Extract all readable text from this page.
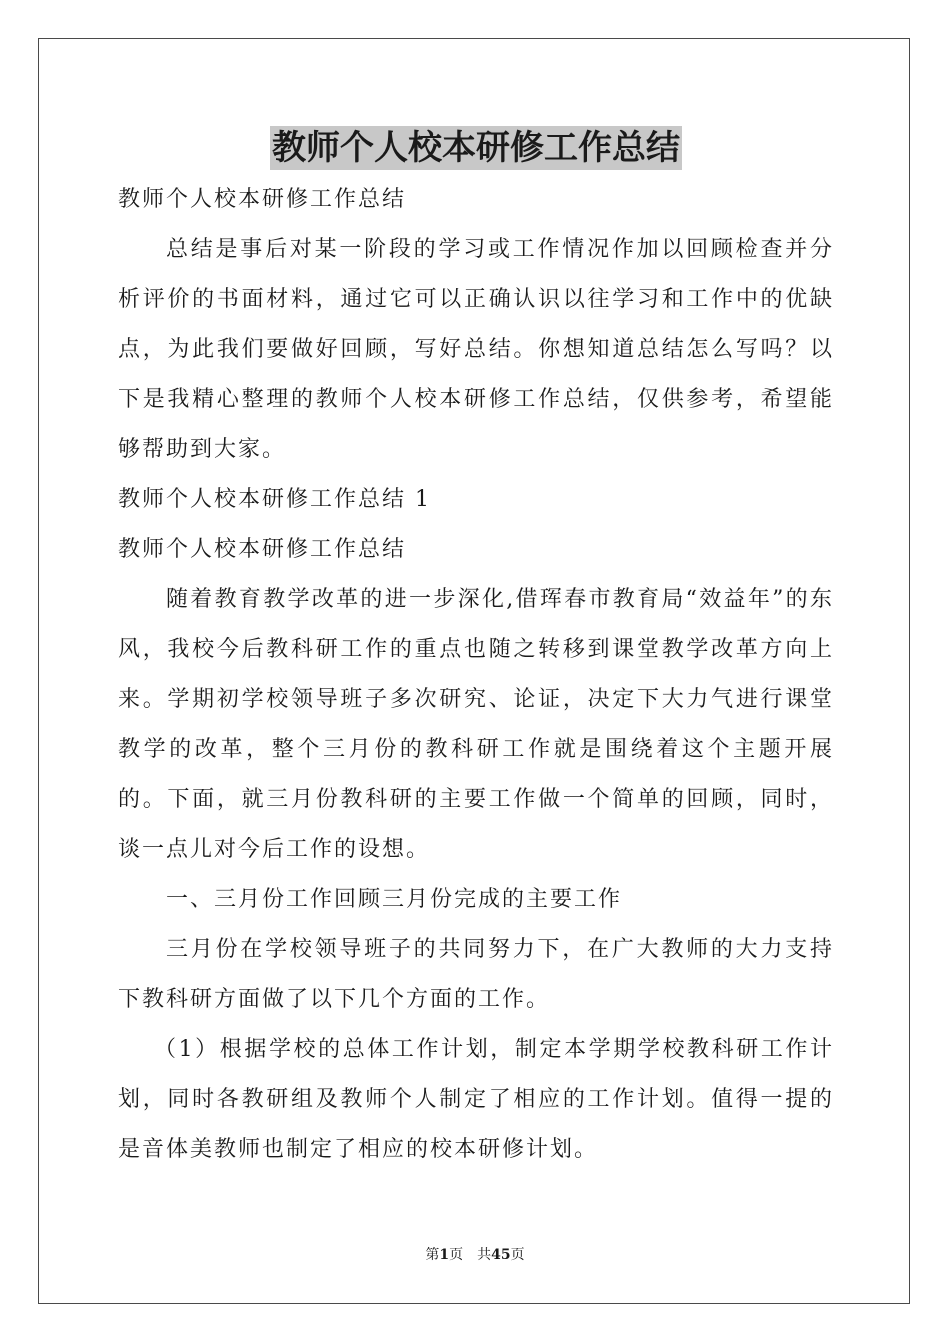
教师个人校本研修工作总结

教师个人校本研修工作总结

总结是事后对某一阶段的学习或工作情况作加以回顾检查并分析评价的书面材料，通过它可以正确认识以往学习和工作中的优缺点，为此我们要做好回顾，写好总结。你想知道总结怎么写吗？以下是我精心整理的教师个人校本研修工作总结，仅供参考，希望能够帮助到大家。

教师个人校本研修工作总结 1

教师个人校本研修工作总结

随着教育教学改革的进一步深化,借珲春市教育局“效益年”的东风，我校今后教科研工作的重点也随之转移到课堂教学改革方向上来。学期初学校领导班子多次研究、论证，决定下大力气进行课堂教学的改革，整个三月份的教科研工作就是围绕着这个主题开展的。下面，就三月份教科研的主要工作做一个简单的回顾，同时，谈一点儿对今后工作的设想。

一、三月份工作回顾三月份完成的主要工作

三月份在学校领导班子的共同努力下，在广大教师的大力支持下教科研方面做了以下几个方面的工作。

（1）根据学校的总体工作计划，制定本学期学校教科研工作计划，同时各教研组及教师个人制定了相应的工作计划。值得一提的是音体美教师也制定了相应的校本研修计划。

第1页 共45页
